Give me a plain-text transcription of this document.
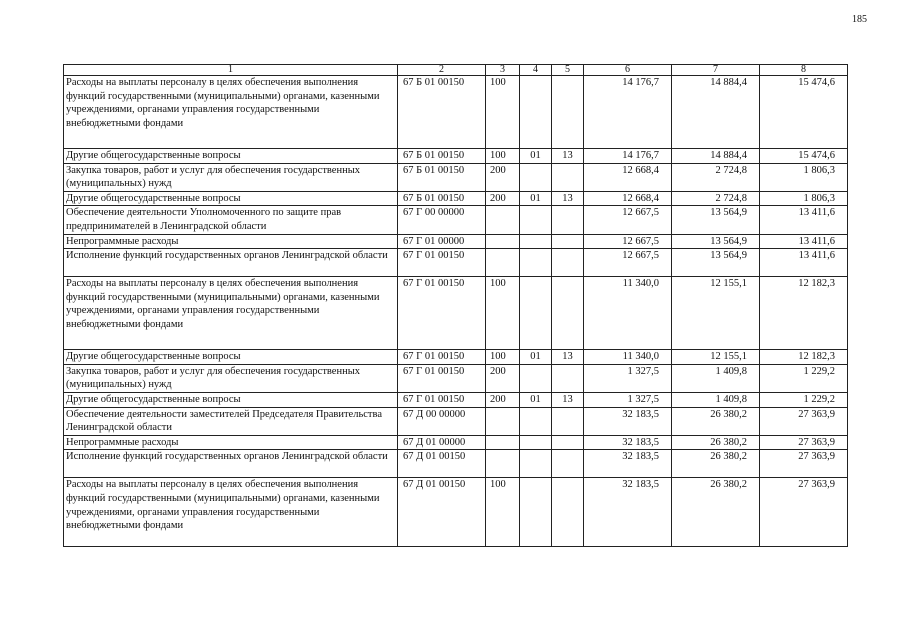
185
1	2	3	4	5	6	7	8
Расходы на выплаты персоналу в целях обеспечения выполнения функций государственными (муниципальными) органами, казенными учреждениями, органами управления государственными внебюджетными фондами	67 Б 01 00150	100			14 176,7	14 884,4	15 474,6
Другие общегосударственные вопросы	67 Б 01 00150	100	01	13	14 176,7	14 884,4	15 474,6
Закупка товаров, работ и услуг для обеспечения государственных (муниципальных) нужд	67 Б 01 00150	200			12 668,4	2 724,8	1 806,3
Другие общегосударственные вопросы	67 Б 01 00150	200	01	13	12 668,4	2 724,8	1 806,3
Обеспечение деятельности Уполномоченного по защите прав предпринимателей в Ленинградской области	67 Г 00 00000				12 667,5	13 564,9	13 411,6
Непрограммные расходы	67 Г 01 00000				12 667,5	13 564,9	13 411,6
Исполнение функций государственных органов Ленинградской области	67 Г 01 00150				12 667,5	13 564,9	13 411,6
Расходы на выплаты персоналу в целях обеспечения выполнения функций государственными (муниципальными) органами, казенными учреждениями, органами управления государственными внебюджетными фондами	67 Г 01 00150	100			11 340,0	12 155,1	12 182,3
Другие общегосударственные вопросы	67 Г 01 00150	100	01	13	11 340,0	12 155,1	12 182,3
Закупка товаров, работ и услуг для обеспечения государственных (муниципальных) нужд	67 Г 01 00150	200			1 327,5	1 409,8	1 229,2
Другие общегосударственные вопросы	67 Г 01 00150	200	01	13	1 327,5	1 409,8	1 229,2
Обеспечение деятельности заместителей Председателя Правительства Ленинградской области	67 Д 00 00000				32 183,5	26 380,2	27 363,9
Непрограммные расходы	67 Д 01 00000				32 183,5	26 380,2	27 363,9
Исполнение функций государственных органов Ленинградской области	67 Д 01 00150				32 183,5	26 380,2	27 363,9
Расходы на выплаты персоналу в целях обеспечения выполнения функций государственными (муниципальными) органами, казенными учреждениями, органами управления государственными внебюджетными фондами	67 Д 01 00150	100			32 183,5	26 380,2	27 363,9
